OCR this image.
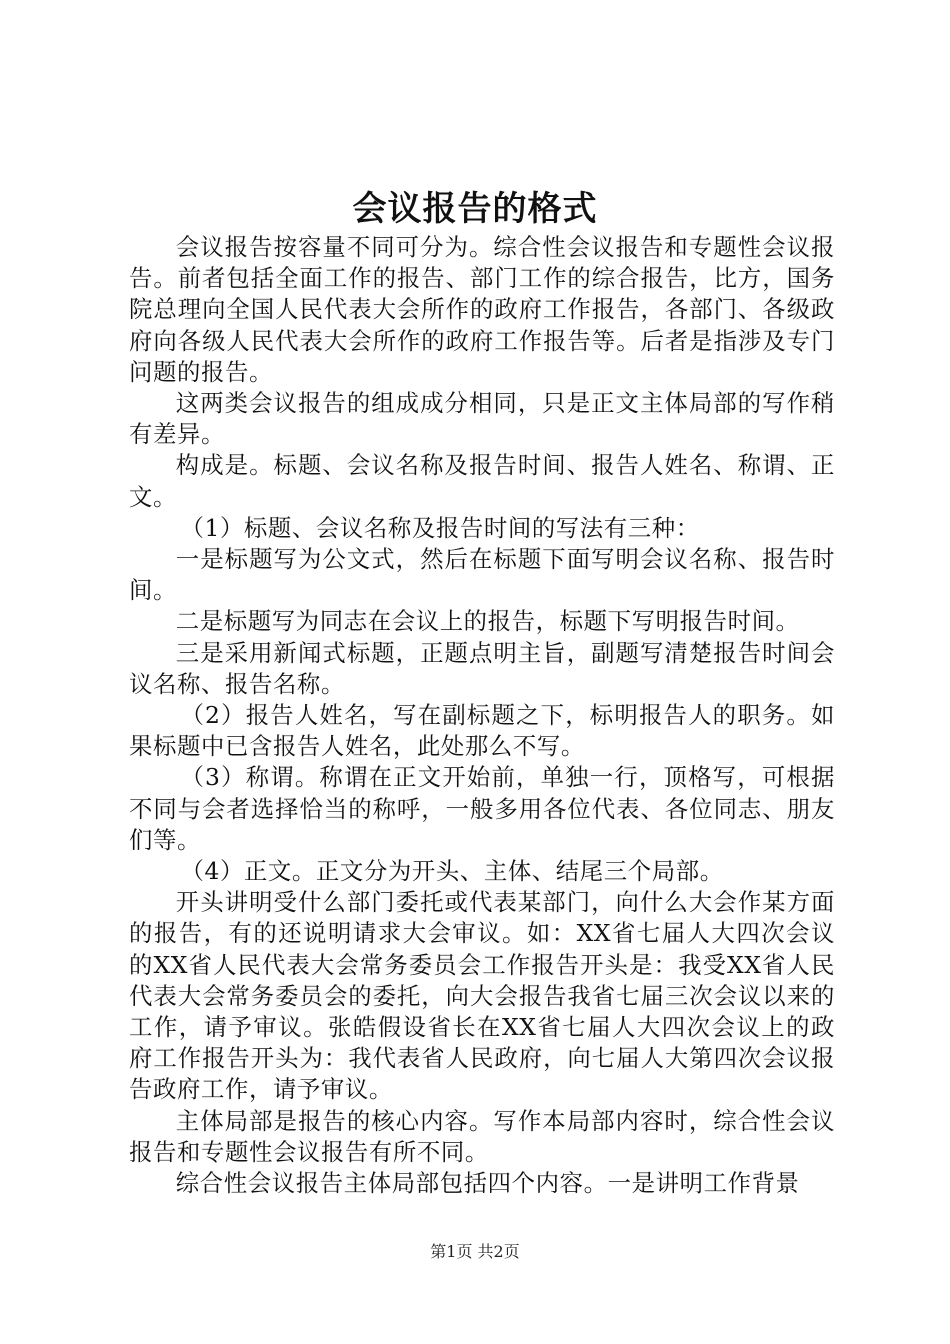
会议报告的格式

会议报告按容量不同可分为。综合性会议报告和专题性会议报告。前者包括全面工作的报告、部门工作的综合报告，比方，国务院总理向全国人民代表大会所作的政府工作报告，各部门、各级政府向各级人民代表大会所作的政府工作报告等。后者是指涉及专门问题的报告。

这两类会议报告的组成成分相同，只是正文主体局部的写作稍有差异。

构成是。标题、会议名称及报告时间、报告人姓名、称谓、正文。

（1）标题、会议名称及报告时间的写法有三种：

一是标题写为公文式，然后在标题下面写明会议名称、报告时间。

二是标题写为同志在会议上的报告，标题下写明报告时间。

三是采用新闻式标题，正题点明主旨，副题写清楚报告时间会议名称、报告名称。

（2）报告人姓名，写在副标题之下，标明报告人的职务。如果标题中已含报告人姓名，此处那么不写。

（3）称谓。称谓在正文开始前，单独一行，顶格写，可根据不同与会者选择恰当的称呼，一般多用各位代表、各位同志、朋友们等。

（4）正文。正文分为开头、主体、结尾三个局部。

开头讲明受什么部门委托或代表某部门，向什么大会作某方面的报告，有的还说明请求大会审议。如：XX省七届人大四次会议的XX省人民代表大会常务委员会工作报告开头是：我受XX省人民代表大会常务委员会的委托，向大会报告我省七届三次会议以来的工作，请予审议。张皓假设省长在XX省七届人大四次会议上的政府工作报告开头为：我代表省人民政府，向七届人大第四次会议报告政府工作，请予审议。

主体局部是报告的核心内容。写作本局部内容时，综合性会议报告和专题性会议报告有所不同。

综合性会议报告主体局部包括四个内容。一是讲明工作背景

第1页 共2页
